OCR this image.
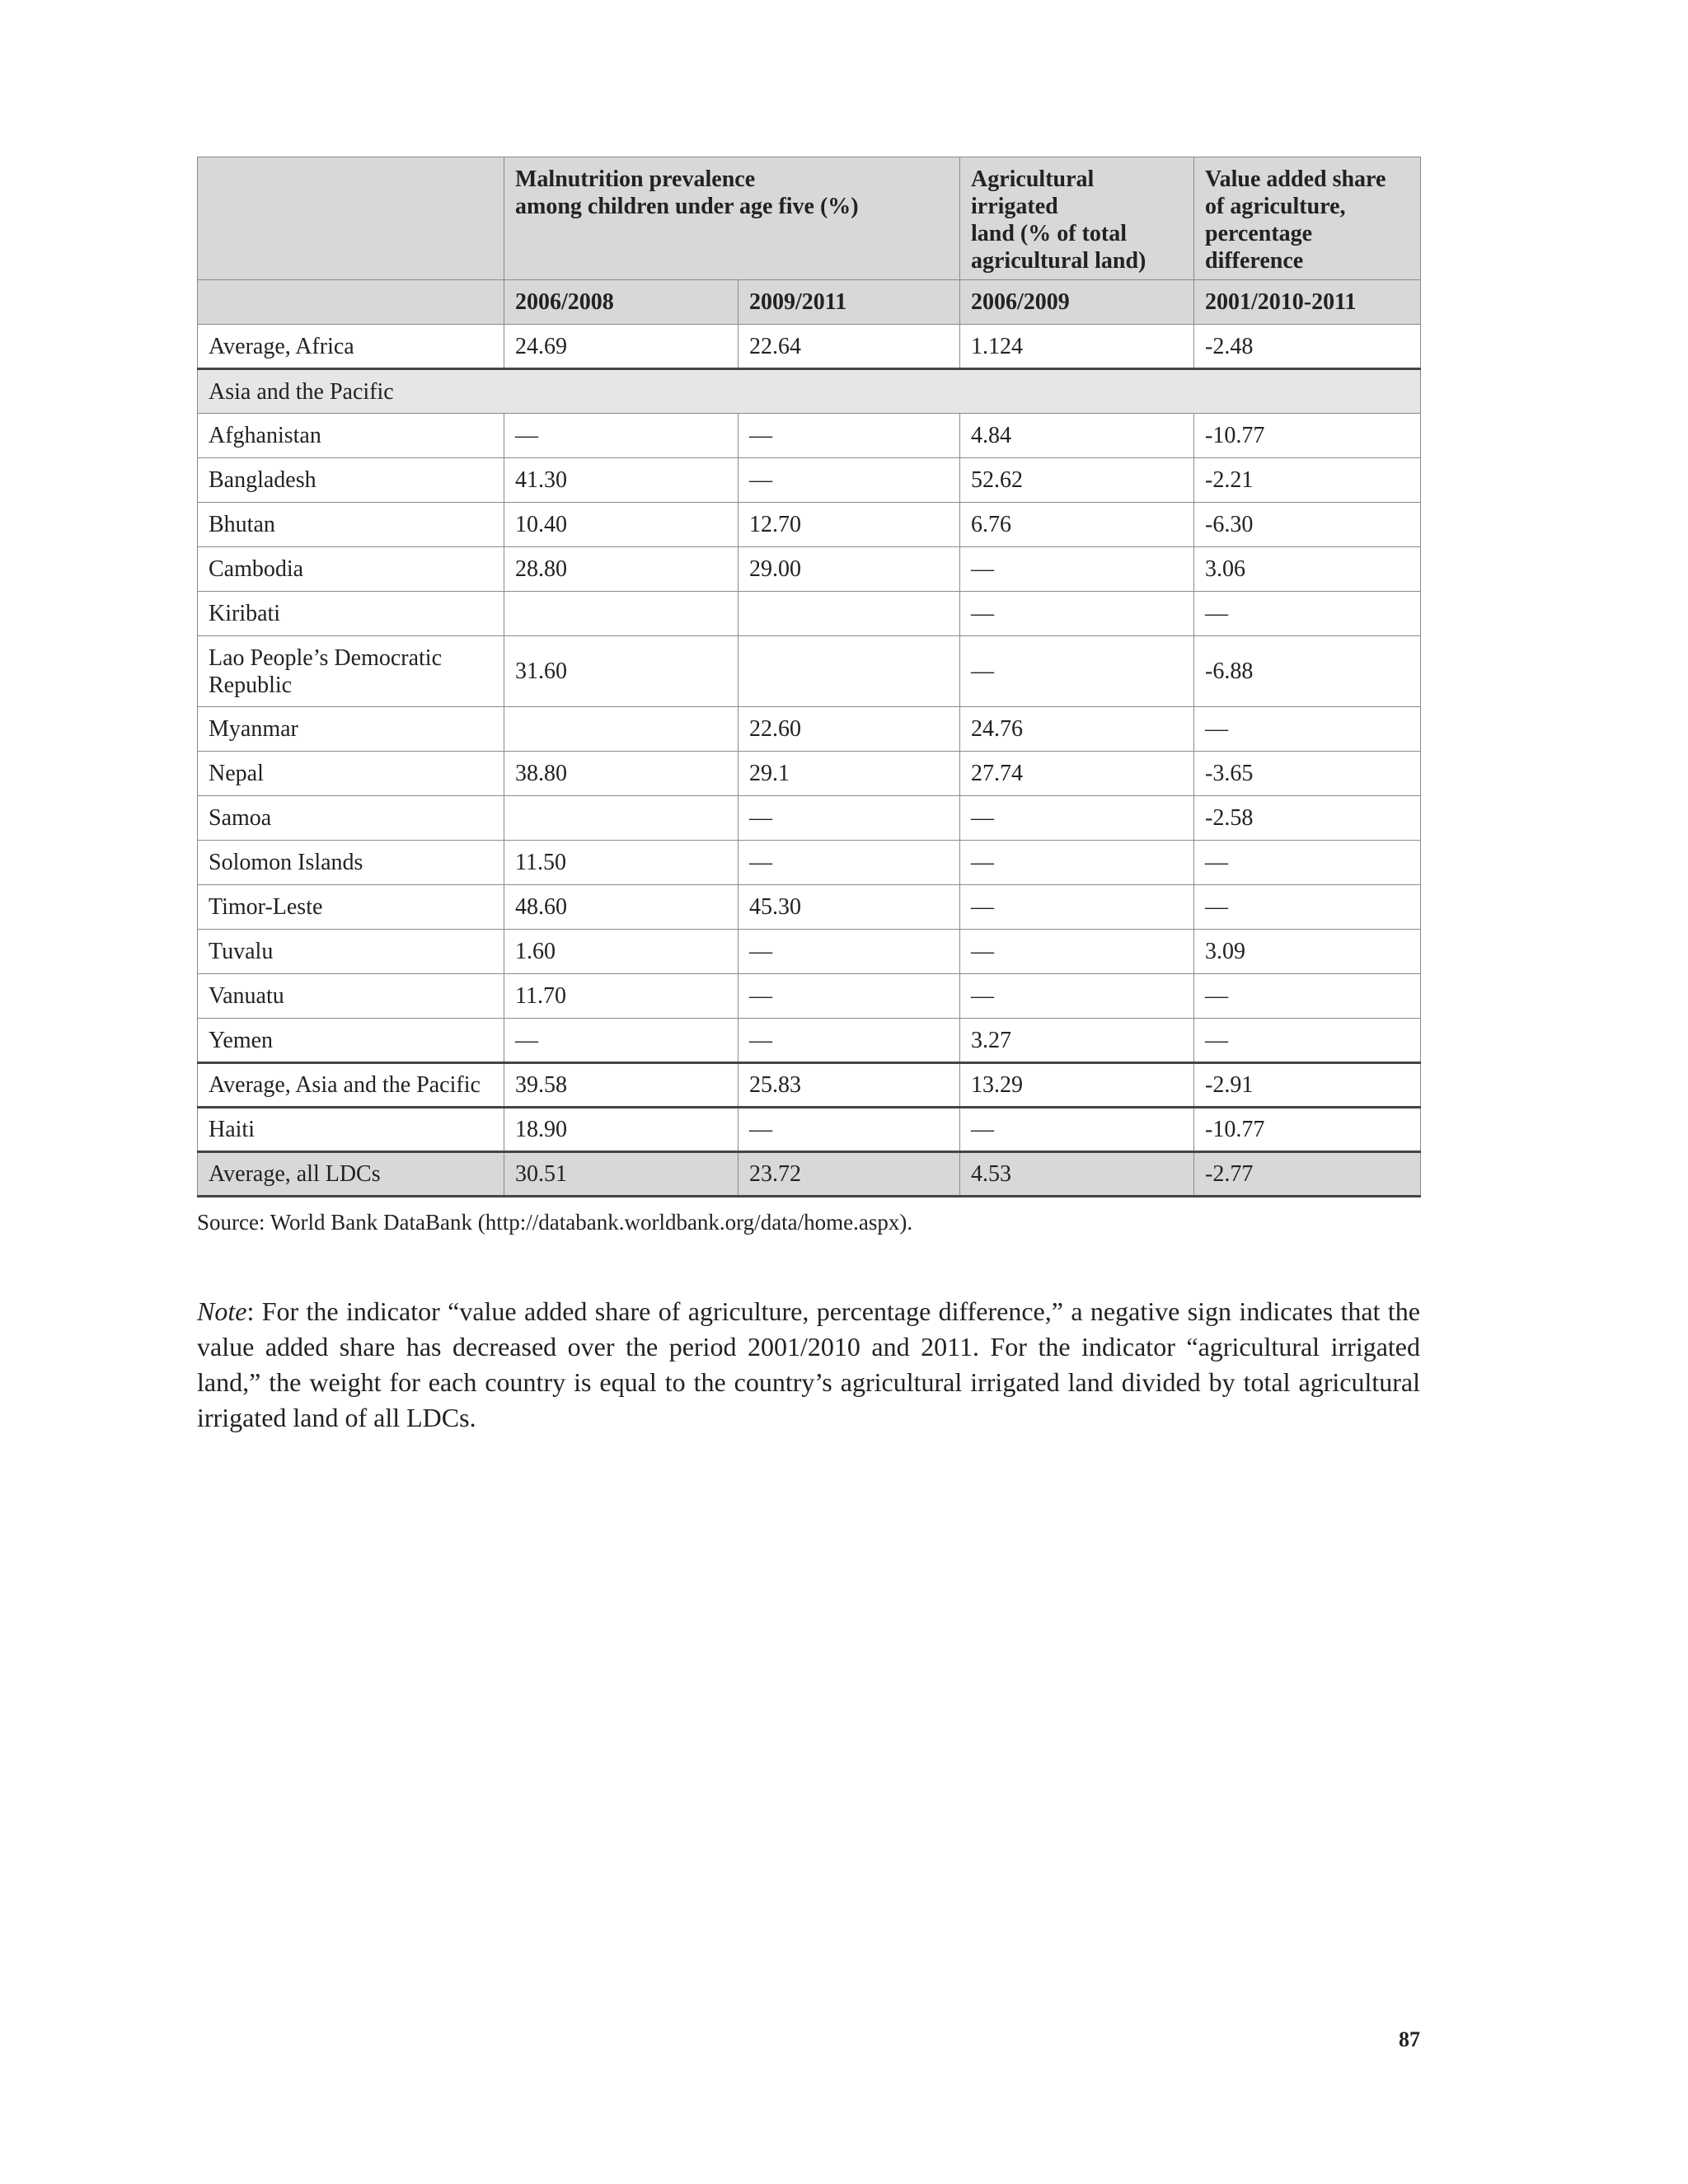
	Malnutrition prevalence
among children under age five (%)		Agricultural irrigated
land (% of total
agricultural land)	Value added share
of agriculture,
percentage difference
	2006/2008	2009/2011	2006/2009	2001/2010-2011
Average, Africa	24.69	22.64	1.124	-2.48
Asia and the Pacific				
Afghanistan	—	—	4.84	-10.77
Bangladesh	41.30	—	52.62	-2.21
Bhutan	10.40	12.70	6.76	-6.30
Cambodia	28.80	29.00	—	3.06
Kiribati			—	—
Lao People’s Democratic
Republic	31.60		—	-6.88
Myanmar		22.60	24.76	—
Nepal	38.80	29.1	27.74	-3.65
Samoa		—	—	-2.58
Solomon Islands	11.50	—	—	—
Timor-Leste	48.60	45.30	—	—
Tuvalu	1.60	—	—	3.09
Vanuatu	11.70	—	—	—
Yemen	—	—	3.27	—
Average, Asia and the Pacific	39.58	25.83	13.29	-2.91
Haiti	18.90	—	—	-10.77
Average, all LDCs	30.51	23.72	4.53	-2.77
Source: World Bank DataBank (http://databank.worldbank.org/data/home.aspx).

Note: For the indicator “value added share of agriculture, percentage difference,” a negative sign indicates that the value added share has decreased over the period 2001/2010 and 2011. For the indicator “agricultural irrigated land,” the weight for each country is equal to the country’s agricultural irrigated land divided by total agricultural irrigated land of all LDCs.

87
